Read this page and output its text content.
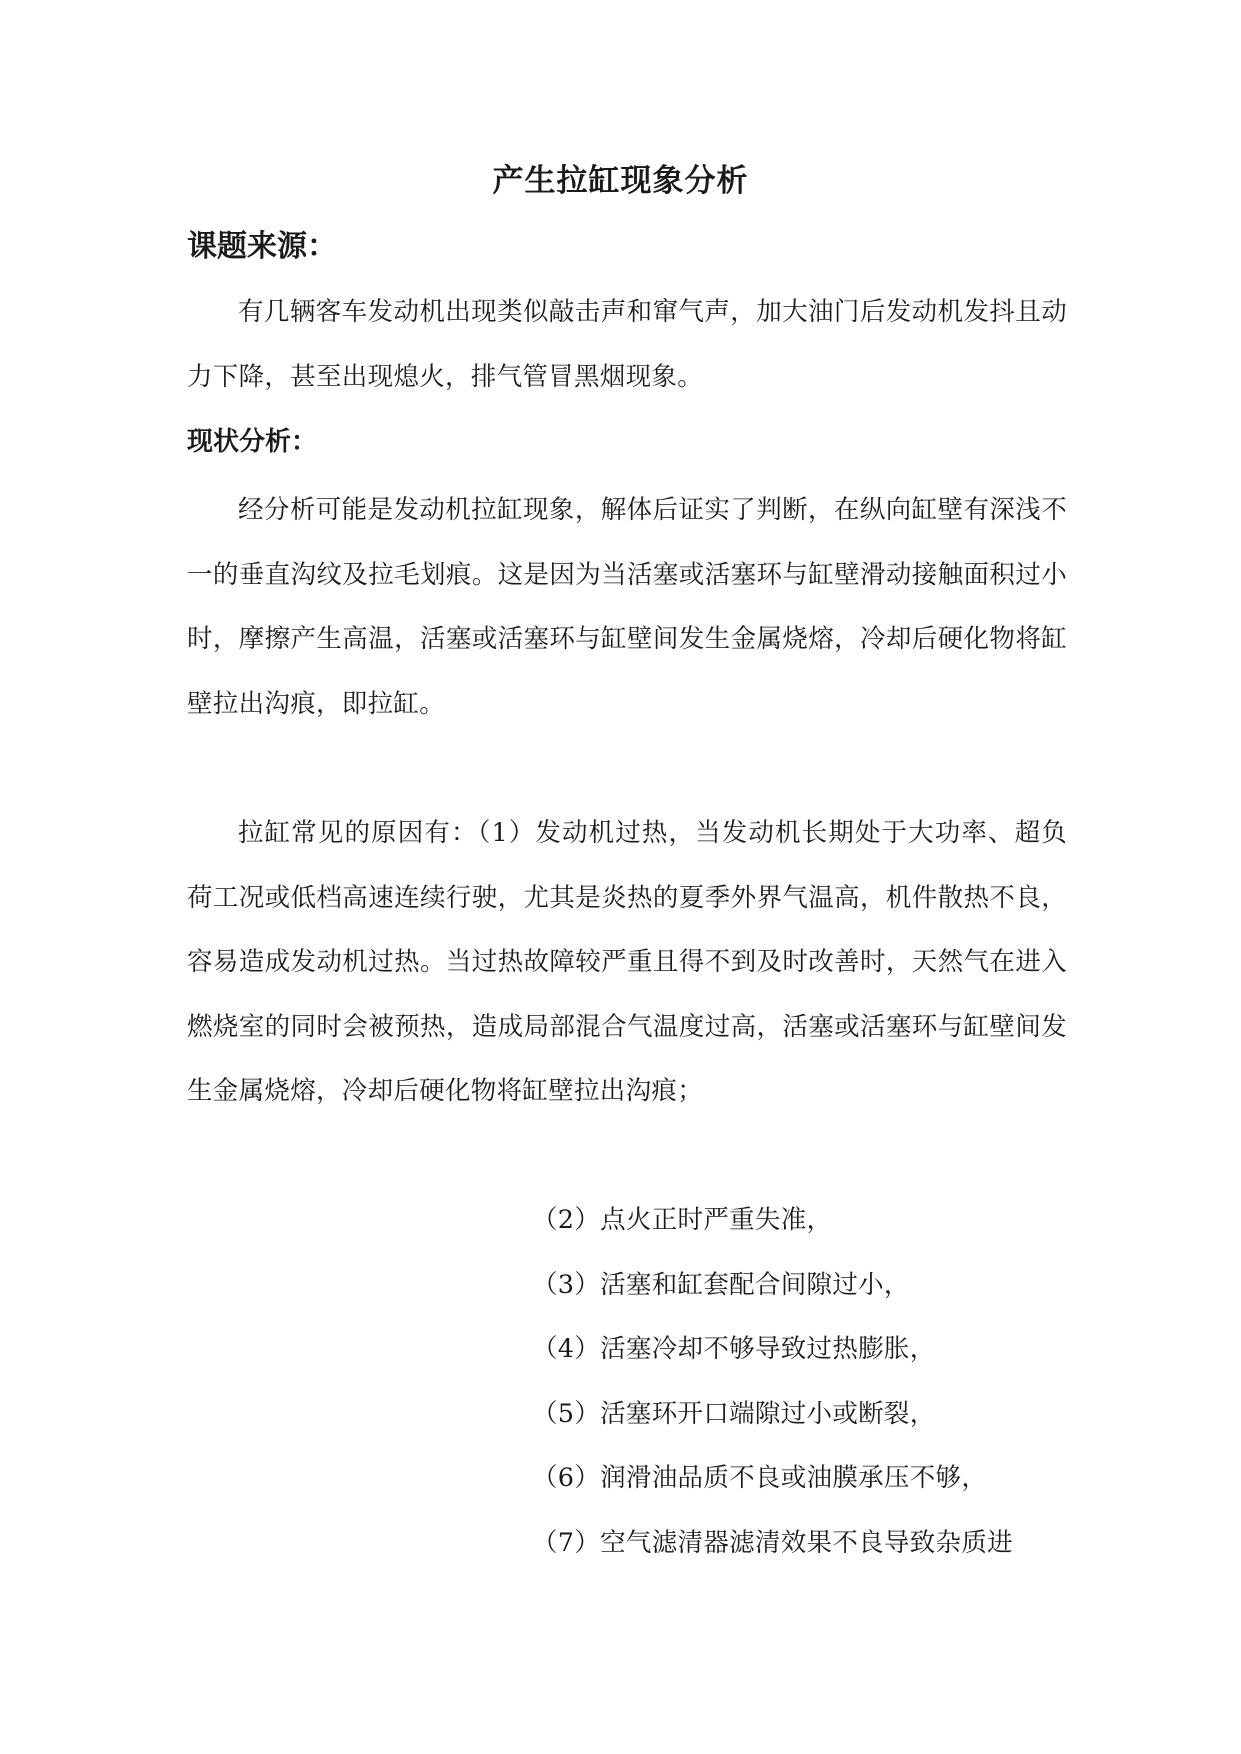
产生拉缸现象分析
课题来源：
有几辆客车发动机出现类似敲击声和窜气声，加大油门后发动机发抖且动力下降，甚至出现熄火，排气管冒黑烟现象。
现状分析：
经分析可能是发动机拉缸现象，解体后证实了判断，在纵向缸壁有深浅不一的垂直沟纹及拉毛划痕。这是因为当活塞或活塞环与缸壁滑动接触面积过小时，摩擦产生高温，活塞或活塞环与缸壁间发生金属烧熔，冷却后硬化物将缸壁拉出沟痕，即拉缸。
拉缸常见的原因有：（1）发动机过热，当发动机长期处于大功率、超负荷工况或低档高速连续行驶，尤其是炎热的夏季外界气温高，机件散热不良，容易造成发动机过热。当过热故障较严重且得不到及时改善时，天然气在进入燃烧室的同时会被预热，造成局部混合气温度过高，活塞或活塞环与缸壁间发生金属烧熔，冷却后硬化物将缸壁拉出沟痕；
（2）点火正时严重失准，
（3）活塞和缸套配合间隙过小，
（4）活塞冷却不够导致过热膨胀，
（5）活塞环开口端隙过小或断裂，
（6）润滑油品质不良或油膜承压不够，
（7）空气滤清器滤清效果不良导致杂质进
